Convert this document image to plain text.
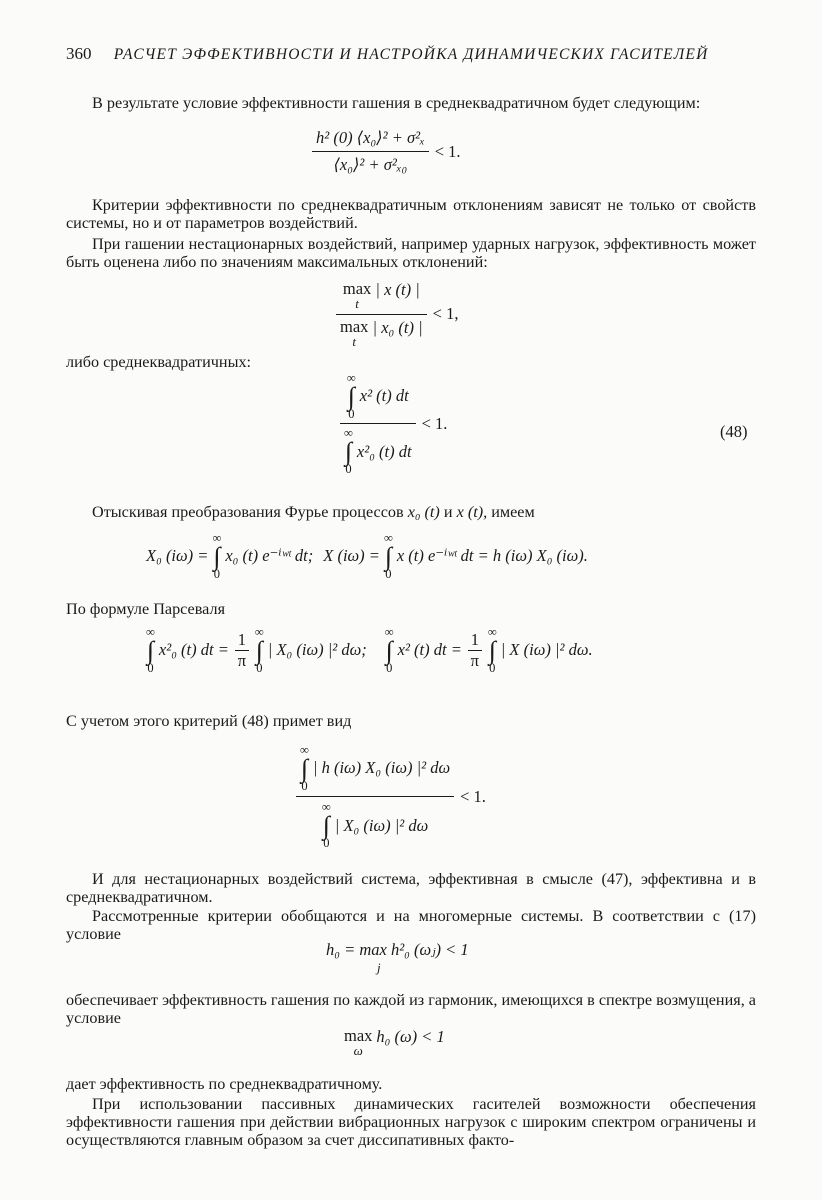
360 РАСЧЕТ ЭФФЕКТИВНОСТИ И НАСТРОЙКА ДИНАМИЧЕСКИХ ГАСИТЕЛЕЙ
В результате условие эффективности гашения в среднеквадратичном будет следующим:
$\frac{\text{h² (0) ⟨x₀⟩² + σ²ₓ}}{\text{⟨x₀⟩² + σ²ₓ₀}} < 1$.
Критерии эффективности по среднеквадратичным отклонениям зависят не только от свойств системы, но и от параметров воздействий.
При гашении нестационарных воздействий, например ударных нагрузок, эффективность может быть оценена либо по значениям максимальных отклонений:
max
t
| x (t) |
max
t
| x₀ (t) | < 1,
либо среднеквадратичных:
∞
∫
0
x² (t) dt
∞
∫
0
x²₀ (t) dt < 1.	(48)
Отыскивая преобразования Фурье процессов x₀ (t) и x (t), имеем
X₀ (iω) =
∞
∫
0
x₀ (t) e⁻ⁱʷᵗ dt; X (iω) =
∞
∫
0
x (t) e⁻ⁱʷᵗ dt = h (iω) X₀ (iω).
По формуле Парсеваля
∞
∫
0
x²₀ (t) dt =
1
π
∞
∫
0
| X₀ (iω) |² dω;
∞
∫
0
x² (t) dt =
1
π
∞
∫
0
| X (iω) |² dω.
С учетом этого критерий (48) примет вид
∞
∫
0
| h (iω) X₀ (iω) |² dω
∞
∫
0
| X₀ (iω) |² dω < 1.
И для нестационарных воздействий система, эффективная в смысле (47), эффективна и в среднеквадратичном.
Рассмотренные критерии обобщаются и на многомерные системы. В соответствии с (17) условие
h₀ = max h²₀ (ωⱼ) < 1
j
обеспечивает эффективность гашения по каждой из гармоник, имеющихся в спектре возмущения, а условие
max
ω
h₀ (ω) < 1
дает эффективность по среднеквадратичному.
При использовании пассивных динамических гасителей возможности обеспечения эффективности гашения при действии вибрационных нагрузок с широким спектром ограничены и осуществляются главным образом за счет диссипативных факто-
